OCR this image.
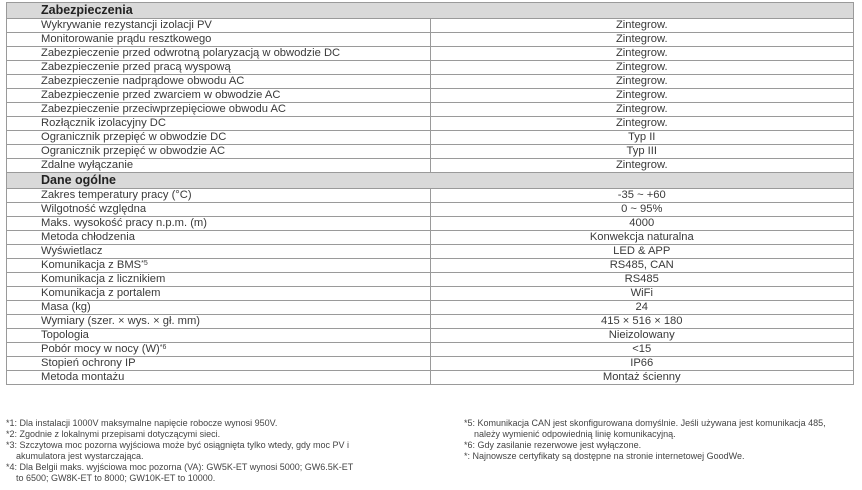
Zabezpieczenia	
Wykrywanie rezystancji izolacji PV	Zintegrow.
Monitorowanie prądu resztkowego	Zintegrow.
Zabezpieczenie przed odwrotną polaryzacją w obwodzie DC	Zintegrow.
Zabezpieczenie przed pracą wyspową	Zintegrow.
Zabezpieczenie nadprądowe obwodu AC	Zintegrow.
Zabezpieczenie przed zwarciem w obwodzie AC	Zintegrow.
Zabezpieczenie przeciwprzepięciowe obwodu AC	Zintegrow.
Rozłącznik izolacyjny DC	Zintegrow.
Ogranicznik przepięć w obwodzie DC	Typ II
Ogranicznik przepięć w obwodzie AC	Typ III
Zdalne wyłączanie	Zintegrow.
Dane ogólne	
Zakres temperatury pracy (°C)	-35 ~ +60
Wilgotność względna	0 ~ 95%
Maks. wysokość pracy n.p.m. (m)	4000
Metoda chłodzenia	Konwekcja naturalna
Wyświetlacz	LED & APP
Komunikacja z BMS$^{*5}$	RS485, CAN
Komunikacja z licznikiem	RS485
Komunikacja z portalem	WiFi
Masa (kg)	24
Wymiary (szer. × wys. × gł. mm)	415 × 516 × 180
Topologia	Nieizolowany
Pobór mocy w nocy $(W)^{*6}$	<15
Stopień ochrony IP	IP66
Metoda montażu	Montaż ścienny
*1: Dla instalacji 1000V maksymalne napięcie robocze wynosi 950V.
*2: Zgodnie z lokalnymi przepisami dotyczącymi sieci.
*3: Szczytowa moc pozorna wyjściowa może być osiągnięta tylko wtedy, gdy moc PV i
akumulatora jest wystarczająca.
*4: Dla Belgii maks. wyjściowa moc pozorna (VA): GW5K-ET wynosi 5000; GW6.5K-ET
to 6500; GW8K-ET to 8000; GW10K-ET to 10000.
*5: Komunikacja CAN jest skonfigurowana domyślnie. Jeśli używana jest komunikacja 485,
należy wymienić odpowiednią linię komunikacyjną.
*6: Gdy zasilanie rezerwowe jest wyłączone.
*: Najnowsze certyfikaty są dostępne na stronie internetowej GoodWe.
